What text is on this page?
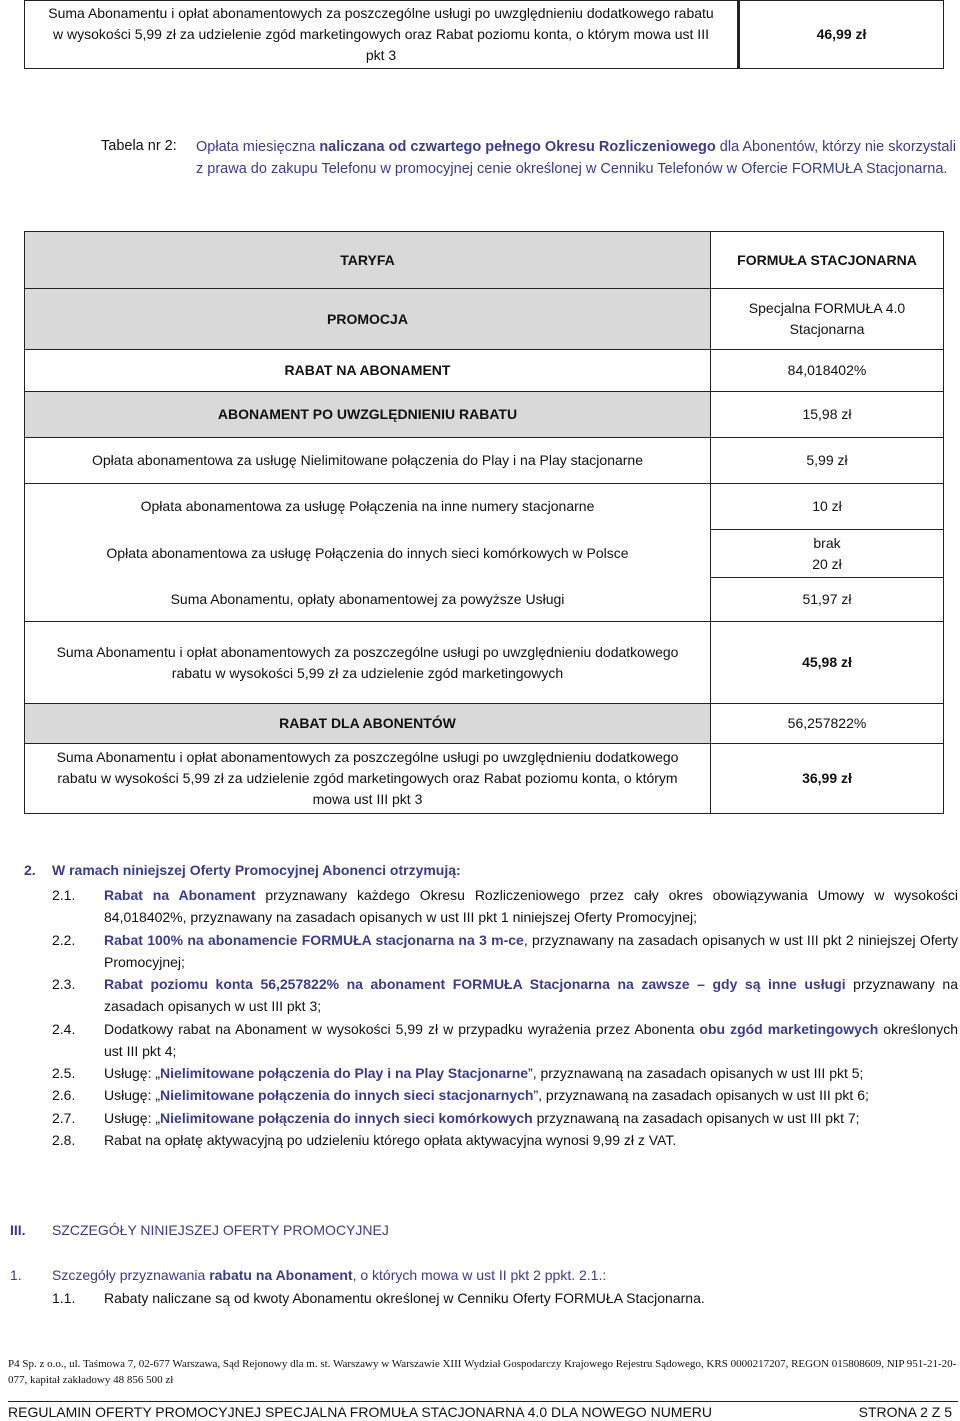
Suma Abonamentu i opłat abonamentowych za poszczególne usługi po uwzględnieniu dodatkowego rabatu w wysokości 5,99 zł za udzielenie zgód marketingowych oraz Rabat poziomu konta, o którym mowa ust III pkt 3	46,99 zł
Tabela nr 2: Opłata miesięczna naliczana od czwartego pełnego Okresu Rozliczeniowego dla Abonentów, którzy nie skorzystali z prawa do zakupu Telefonu w promocyjnej cenie określonej w Cenniku Telefonów w Ofercie FORMUŁA Stacjonarna.
TARYFA	FORMUŁA STACJONARNA
PROMOCJA	Specjalna FORMUŁA 4.0
Stacjonarna

RABAT NA ABONAMENT	84,018402%
ABONAMENT PO UWZGLĘDNIENIU RABATU	15,98 zł
Opłata abonamentowa za usługę Nielimitowane połączenia do Play i na Play stacjonarne	5,99 zł
Opłata abonamentowa za usługę Połączenia na inne numery stacjonarne	10 zł
Opłata abonamentowa za usługę Połączenia do innych sieci komórkowych w Polsce	brak
20 zł

Suma Abonamentu, opłaty abonamentowej za powyższe Usługi	51,97 zł
Suma Abonamentu i opłat abonamentowych za poszczególne usługi po uwzględnieniu dodatkowego rabatu w wysokości 5,99 zł za udzielenie zgód marketingowych	45,98 zł
RABAT DLA ABONENTÓW	56,257822%
Suma Abonamentu i opłat abonamentowych za poszczególne usługi po uwzględnieniu dodatkowego rabatu w wysokości 5,99 zł za udzielenie zgód marketingowych oraz Rabat poziomu konta, o którym mowa ust III pkt 3	36,99 zł
2. W ramach niniejszej Oferty Promocyjnej Abonenci otrzymują:
2.1. Rabat na Abonament przyznawany każdego Okresu Rozliczeniowego przez cały okres obowiązywania Umowy w wysokości 84,018402%, przyznawany na zasadach opisanych w ust III pkt 1 niniejszej Oferty Promocyjnej;
2.2. Rabat 100% na abonamencie FORMUŁA stacjonarna na 3 m-ce, przyznawany na zasadach opisanych w ust III pkt 2 niniejszej Oferty Promocyjnej;
2.3. Rabat poziomu konta 56,257822% na abonament FORMUŁA Stacjonarna na zawsze – gdy są inne usługi przyznawany na zasadach opisanych w ust III pkt 3;
2.4. Dodatkowy rabat na Abonament w wysokości 5,99 zł w przypadku wyrażenia przez Abonenta obu zgód marketingowych określonych ust III pkt 4;
2.5. Usługę: „Nielimitowane połączenia do Play i na Play Stacjonarne”, przyznawaną na zasadach opisanych w ust III pkt 5;
2.6. Usługę: „Nielimitowane połączenia do innych sieci stacjonarnych”, przyznawaną na zasadach opisanych w ust III pkt 6;
2.7. Usługę: „Nielimitowane połączenia do innych sieci komórkowych przyznawaną na zasadach opisanych w ust III pkt 7;
2.8. Rabat na opłatę aktywacyjną po udzieleniu którego opłata aktywacyjna wynosi 9,99 zł z VAT.
III. SZCZEGÓŁY NINIEJSZEJ OFERTY PROMOCYJNEJ
1. Szczegóły przyznawania rabatu na Abonament, o których mowa w ust II pkt 2 ppkt. 2.1.:
1.1. Rabaty naliczane są od kwoty Abonamentu określonej w Cenniku Oferty FORMUŁA Stacjonarna.
P4 Sp. z o.o., ul. Taśmowa 7, 02-677 Warszawa, Sąd Rejonowy dla m. st. Warszawy w Warszawie XIII Wydział Gospodarczy Krajowego Rejestru Sądowego, KRS 0000217207, REGON 015808609, NIP 951-21-20-077, kapitał zakładowy 48 856 500 zł
REGULAMIN OFERTY PROMOCYJNEJ SPECJALNA FROMUŁA STACJONARNA 4.0 DLA NOWEGO NUMERU	STRONA 2 Z 5
